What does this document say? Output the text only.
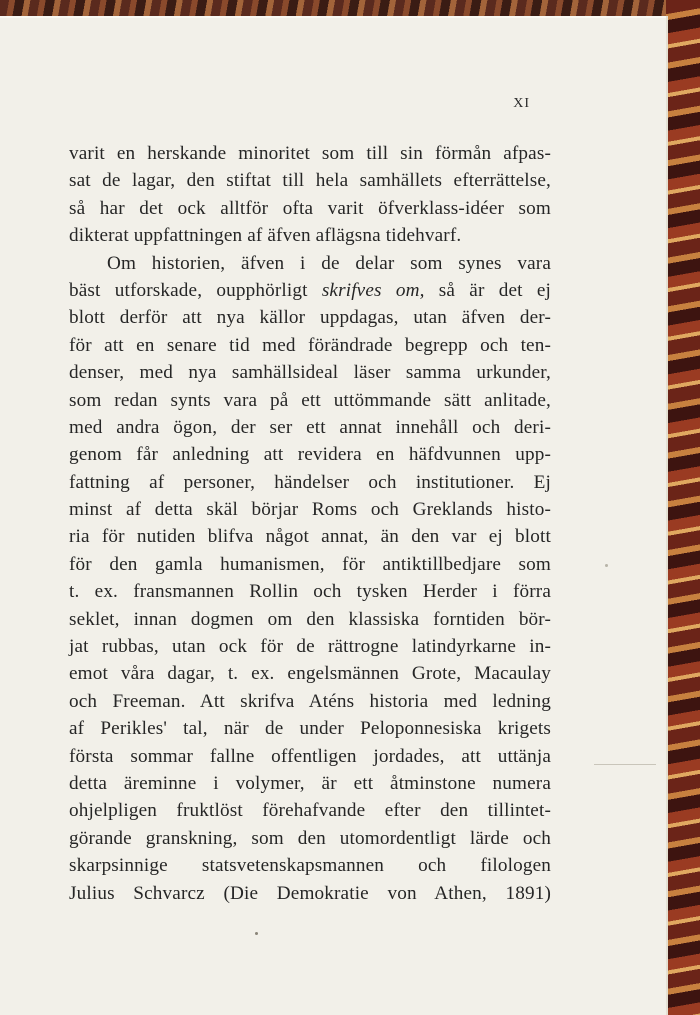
XI
varit en herskande minoritet som till sin förmån afpas-
sat de lagar, den stiftat till hela samhällets efterrättelse,
så har det ock alltför ofta varit öfverklass-idéer som
dikterat uppfattningen af äfven aflägsna tidehvarf.
Om historien, äfven i de delar som synes vara
bäst utforskade, oupphörligt skrifves om, så är det ej
blott derför att nya källor uppdagas, utan äfven der-
för att en senare tid med förändrade begrepp och ten-
denser, med nya samhällsideal läser samma urkunder,
som redan synts vara på ett uttömmande sätt anlitade,
med andra ögon, der ser ett annat innehåll och deri-
genom får anledning att revidera en häfdvunnen upp-
fattning af personer, händelser och institutioner. Ej
minst af detta skäl börjar Roms och Greklands histo-
ria för nutiden blifva något annat, än den var ej blott
för den gamla humanismen, för antiktillbedjare som
t. ex. fransmannen Rollin och tysken Herder i förra
seklet, innan dogmen om den klassiska forntiden bör-
jat rubbas, utan ock för de rättrogne latindyrkarne in-
emot våra dagar, t. ex. engelsmännen Grote, Macaulay
och Freeman. Att skrifva Aténs historia med ledning
af Perikles' tal, när de under Peloponnesiska krigets
första sommar fallne offentligen jordades, att uttänja
detta äreminne i volymer, är ett åtminstone numera
ohjelpligen fruktlöst förehafvande efter den tillintet-
görande granskning, som den utomordentligt lärde och
skarpsinnige statsvetenskapsmannen och filologen
Julius Schvarcz (Die Demokratie von Athen, 1891)
